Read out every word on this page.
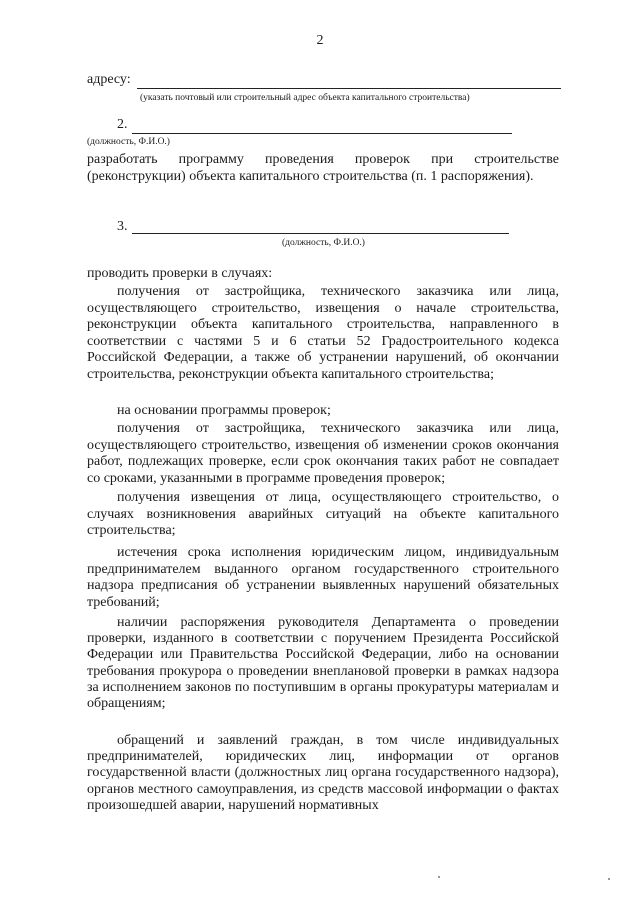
2
адресу:
(указать почтовый или строительный адрес объекта капитального строительства)
2.
(должность, Ф.И.О.)

разработать программу проведения проверок при строительстве (реконструкции) объекта капитального строительства (п. 1 распоряжения).

3.
(должность, Ф.И.О.)
проводить проверки в случаях:

получения от застройщика, технического заказчика или лица, осуществляющего строительство, извещения о начале строительства, реконструкции объекта капитального строительства, направленного в соответствии с частями 5 и 6 статьи 52 Градостроительного кодекса Российской Федерации, а также об устранении нарушений, об окончании строительства, реконструкции объекта капитального строительства;

на основании программы проверок;

получения от застройщика, технического заказчика или лица, осуществляющего строительство, извещения об изменении сроков окончания работ, подлежащих проверке, если срок окончания таких работ не совпадает со сроками, указанными в программе проведения проверок;

получения извещения от лица, осуществляющего строительство, о случаях возникновения аварийных ситуаций на объекте капитального строительства;

истечения срока исполнения юридическим лицом, индивидуальным предпринимателем выданного органом государственного строительного надзора предписания об устранении выявленных нарушений обязательных требований;

наличии распоряжения руководителя Департамента о проведении проверки, изданного в соответствии с поручением Президента Российской Федерации или Правительства Российской Федерации, либо на основании требования прокурора о проведении внеплановой проверки в рамках надзора за исполнением законов по поступившим в органы прокуратуры материалам и обращениям;

обращений и заявлений граждан, в том числе индивидуальных предпринимателей, юридических лиц, информации от органов государственной власти (должностных лиц органа государственного надзора), органов местного самоуправления, из средств массовой информации о фактах произошедшей аварии, нарушений нормативных
